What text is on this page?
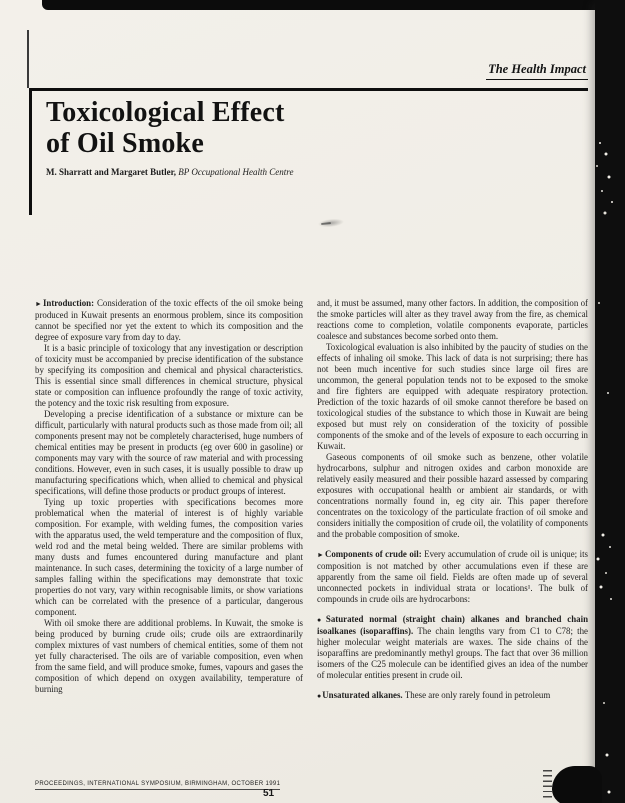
The Health Impact
Toxicological Effect
of Oil Smoke
M. Sharratt and Margaret Butler, BP Occupational Health Centre

►Introduction: Consideration of the toxic effects of the oil smoke being produced in Kuwait presents an enormous problem, since its composition cannot be specified nor yet the extent to which its composition and the degree of exposure vary from day to day.

It is a basic principle of toxicology that any investigation or description of toxicity must be accompanied by precise identification of the substance by specifying its composition and chemical and physical characteristics. This is essential since small differences in chemical structure, physical state or composition can influence profoundly the range of toxic activity, the potency and the toxic risk resulting from exposure.

Developing a precise identification of a substance or mixture can be difficult, particularly with natural products such as those made from oil; all components present may not be completely characterised, huge numbers of chemical entities may be present in products (eg over 600 in gasoline) or components may vary with the source of raw material and with processing conditions. However, even in such cases, it is usually possible to draw up manufacturing specifications which, when allied to chemical and physical specifications, will define those products or product groups of interest.

Tying up toxic properties with specifications becomes more problematical when the material of interest is of highly variable composition. For example, with welding fumes, the composition varies with the apparatus used, the weld temperature and the composition of flux, weld rod and the metal being welded. There are similar problems with many dusts and fumes encountered during manufacture and plant maintenance. In such cases, determining the toxicity of a large number of samples falling within the specifications may demonstrate that toxic properties do not vary, vary within recognisable limits, or show variations which can be correlated with the presence of a particular, dangerous component.

With oil smoke there are additional problems. In Kuwait, the smoke is being produced by burning crude oils; crude oils are extraordinarily complex mixtures of vast numbers of chemical entities, some of them not yet fully characterised. The oils are of variable composition, even when from the same field, and will produce smoke, fumes, vapours and gases the composition of which depend on oxygen availability, temperature of burning

and, it must be assumed, many other factors. In addition, the composition of the smoke particles will alter as they travel away from the fire, as chemical reactions come to completion, volatile components evaporate, particles coalesce and substances become sorbed onto them.

Toxicological evaluation is also inhibited by the paucity of studies on the effects of inhaling oil smoke. This lack of data is not surprising; there has not been much incentive for such studies since large oil fires are uncommon, the general population tends not to be exposed to the smoke and fire fighters are equipped with adequate respiratory protection. Prediction of the toxic hazards of oil smoke cannot therefore be based on toxicological studies of the substance to which those in Kuwait are being exposed but must rely on consideration of the toxicity of possible components of the smoke and of the levels of exposure to each occurring in Kuwait.

Gaseous components of oil smoke such as benzene, other volatile hydrocarbons, sulphur and nitrogen oxides and carbon monoxide are relatively easily measured and their possible hazard assessed by comparing exposures with occupational health or ambient air standards, or with concentrations normally found in, eg city air. This paper therefore concentrates on the toxicology of the particulate fraction of oil smoke and considers initially the composition of crude oil, the volatility of components and the probable composition of smoke.

►Components of crude oil: Every accumulation of crude oil is unique; its composition is not matched by other accumulations even if these are apparently from the same oil field. Fields are often made up of several unconnected pockets in individual strata or locations¹. The bulk of compounds in crude oils are hydrocarbons:

●Saturated normal (straight chain) alkanes and branched chain isoalkanes (isoparaffins). The chain lengths vary from C1 to C78; the higher molecular weight materials are waxes. The side chains of the isoparaffins are predominantly methyl groups. The fact that over 36 million isomers of the C25 molecule can be identified gives an idea of the number of molecular entities present in crude oil.

●Unsaturated alkanes. These are only rarely found in petroleum

PROCEEDINGS, INTERNATIONAL SYMPOSIUM, BIRMINGHAM, OCTOBER 1991
51
